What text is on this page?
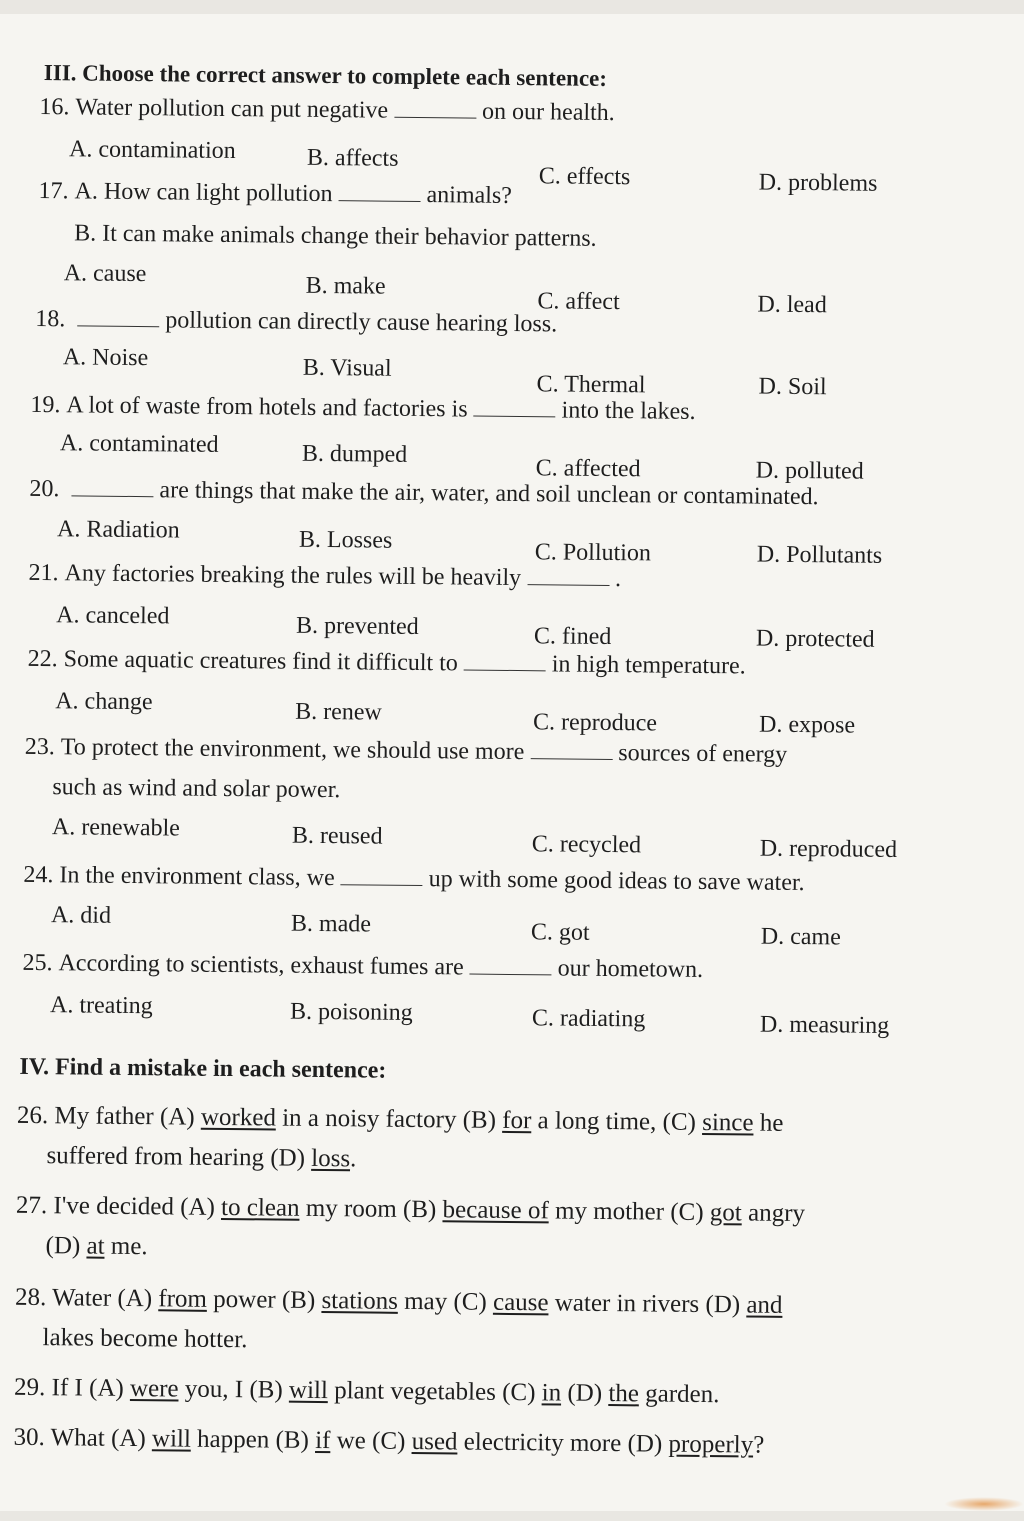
III. Choose the correct answer to complete each sentence:
16. Water pollution can put negative	on our health.
A. contamination	B. affects
C. effects	D. problems
17. A. How can light pollution	animals?
B. It can make animals change their behavior patterns.
A. cause	B. make
C. affect	D. lead
18.	pollution can directly cause hearing loss.
A. Noise	B. Visual
C. Thermal	D. Soil
19. A lot of waste from hotels and factories is	into the lakes.
A. contaminated	B. dumped
C. affected	D. polluted
20.	are things that make the air, water, and soil unclean or contaminated.
A. Radiation	B. Losses	C. Pollution	D. Pollutants
21. Any factories breaking the rules will be heavily	.
A. canceled	B. prevented	C. fined	D. protected
22. Some aquatic creatures find it difficult to	in high temperature.
A. change	B. renew	C. reproduce	D. expose
23. To protect the environment, we should use more	sources of energy
such as wind and solar power.
A. renewable	B. reused	C. recycled	D. reproduced
24. In the environment class, we	up with some good ideas to save water.
A. did	B. made	C. got	D. came
25. According to scientists, exhaust fumes are	our hometown.
A. treating	B. poisoning	C. radiating	D. measuring
IV. Find a mistake in each sentence:
26. My father (A) worked in a noisy factory (B) for a long time, (C) since he
suffered from hearing (D) loss.
27. I've decided (A) to clean my room (B) because of my mother (C) got angry
(D) at me.
28. Water (A) from power (B) stations may (C) cause water in rivers (D) and
lakes become hotter.
29. If I (A) were you, I (B) will plant vegetables (C) in (D) the garden.
30. What (A) will happen (B) if we (C) used electricity more (D) properly?
